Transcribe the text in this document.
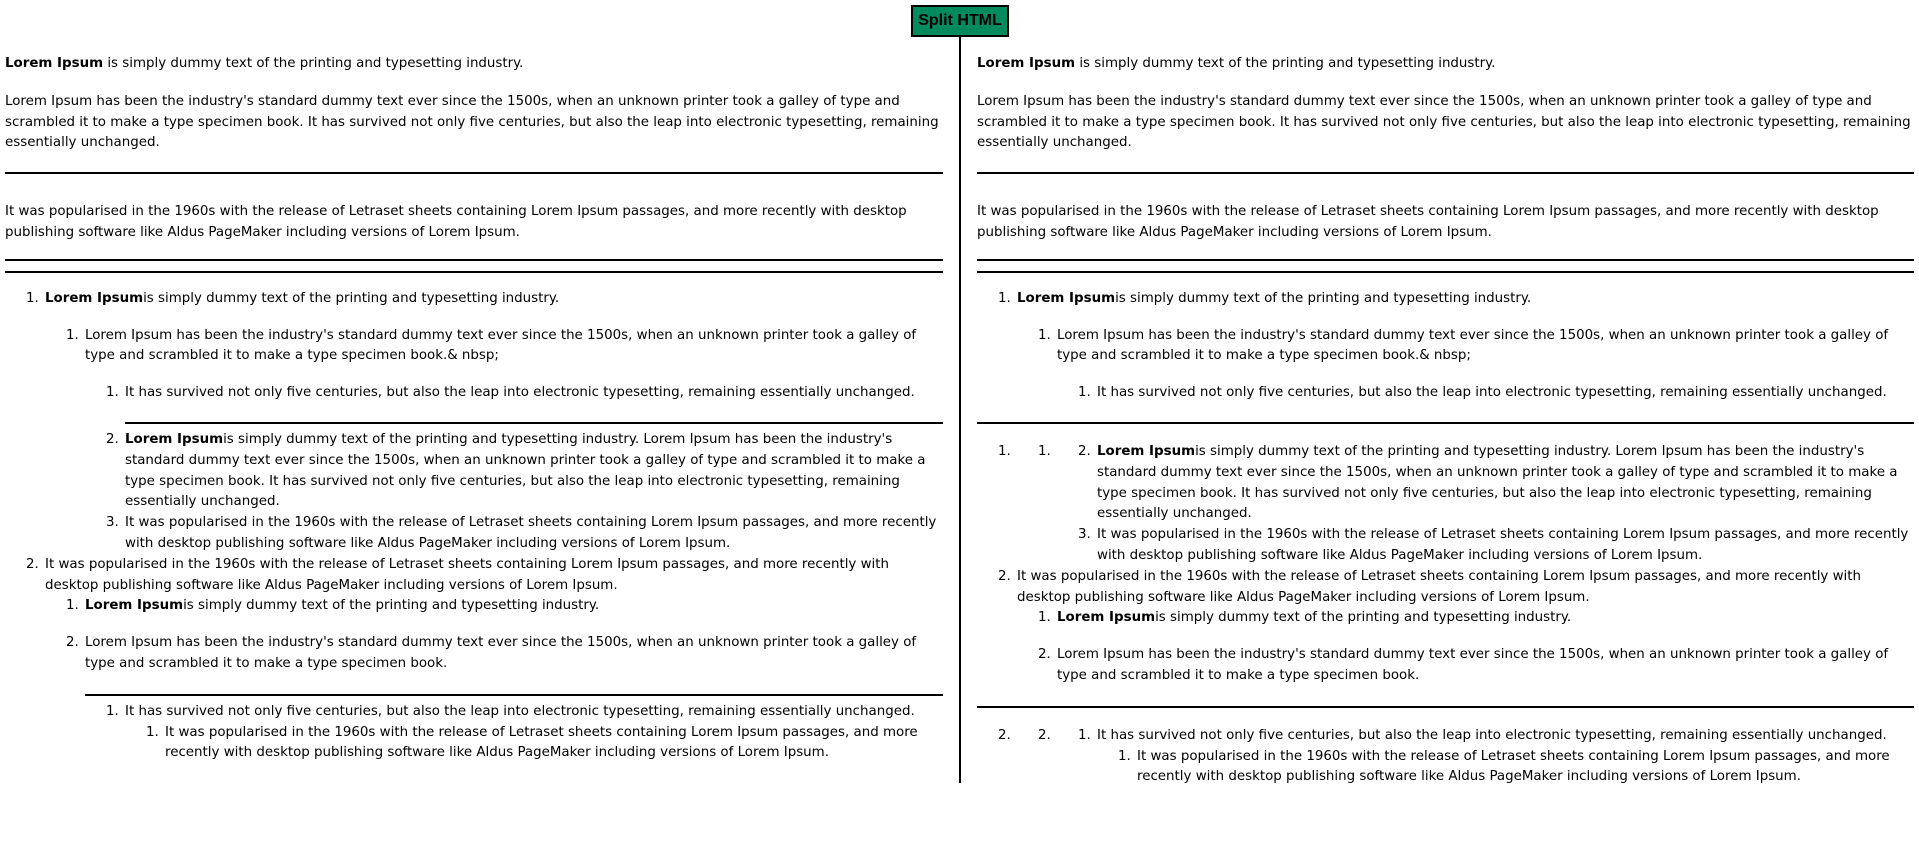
Split HTML

Lorem Ipsum is simply dummy text of the printing and typesetting industry.

Lorem Ipsum has been the industry's standard dummy text ever since the 1500s, when an unknown printer took a galley of type and scrambled it to make a type specimen book. It has survived not only five centuries, but also the leap into electronic typesetting, remaining essentially unchanged.

It was popularised in the 1960s with the release of Letraset sheets containing Lorem Ipsum passages, and more recently with desktop publishing software like Aldus PageMaker including versions of Lorem Ipsum.

1. Lorem Ipsumis simply dummy text of the printing and typesetting industry.

1. Lorem Ipsum has been the industry's standard dummy text ever since the 1500s, when an unknown printer took a galley of type and scrambled it to make a type specimen book.& nbsp;

1. It has survived not only five centuries, but also the leap into electronic typesetting, remaining essentially unchanged.

2. Lorem Ipsumis simply dummy text of the printing and typesetting industry. Lorem Ipsum has been the industry's standard dummy text ever since the 1500s, when an unknown printer took a galley of type and scrambled it to make a type specimen book. It has survived not only five centuries, but also the leap into electronic typesetting, remaining essentially unchanged.

3. It was popularised in the 1960s with the release of Letraset sheets containing Lorem Ipsum passages, and more recently with desktop publishing software like Aldus PageMaker including versions of Lorem Ipsum.

2. It was popularised in the 1960s with the release of Letraset sheets containing Lorem Ipsum passages, and more recently with desktop publishing software like Aldus PageMaker including versions of Lorem Ipsum.

1. Lorem Ipsumis simply dummy text of the printing and typesetting industry.

2. Lorem Ipsum has been the industry's standard dummy text ever since the 1500s, when an unknown printer took a galley of type and scrambled it to make a type specimen book.

1. It has survived not only five centuries, but also the leap into electronic typesetting, remaining essentially unchanged.

1. It was popularised in the 1960s with the release of Letraset sheets containing Lorem Ipsum passages, and more recently with desktop publishing software like Aldus PageMaker including versions of Lorem Ipsum.

Lorem Ipsum is simply dummy text of the printing and typesetting industry.

Lorem Ipsum has been the industry's standard dummy text ever since the 1500s, when an unknown printer took a galley of type and scrambled it to make a type specimen book. It has survived not only five centuries, but also the leap into electronic typesetting, remaining essentially unchanged.

It was popularised in the 1960s with the release of Letraset sheets containing Lorem Ipsum passages, and more recently with desktop publishing software like Aldus PageMaker including versions of Lorem Ipsum.

1. Lorem Ipsumis simply dummy text of the printing and typesetting industry.

1. Lorem Ipsum has been the industry's standard dummy text ever since the 1500s, when an unknown printer took a galley of type and scrambled it to make a type specimen book.& nbsp;

1. It has survived not only five centuries, but also the leap into electronic typesetting, remaining essentially unchanged.

1. 1. 2. Lorem Ipsumis simply dummy text of the printing and typesetting industry. Lorem Ipsum has been the industry's standard dummy text ever since the 1500s, when an unknown printer took a galley of type and scrambled it to make a type specimen book. It has survived not only five centuries, but also the leap into electronic typesetting, remaining essentially unchanged.

3. It was popularised in the 1960s with the release of Letraset sheets containing Lorem Ipsum passages, and more recently with desktop publishing software like Aldus PageMaker including versions of Lorem Ipsum.

2. It was popularised in the 1960s with the release of Letraset sheets containing Lorem Ipsum passages, and more recently with desktop publishing software like Aldus PageMaker including versions of Lorem Ipsum.

1. Lorem Ipsumis simply dummy text of the printing and typesetting industry.

2. Lorem Ipsum has been the industry's standard dummy text ever since the 1500s, when an unknown printer took a galley of type and scrambled it to make a type specimen book.

2. 2. 1. It has survived not only five centuries, but also the leap into electronic typesetting, remaining essentially unchanged.

1. It was popularised in the 1960s with the release of Letraset sheets containing Lorem Ipsum passages, and more recently with desktop publishing software like Aldus PageMaker including versions of Lorem Ipsum.
